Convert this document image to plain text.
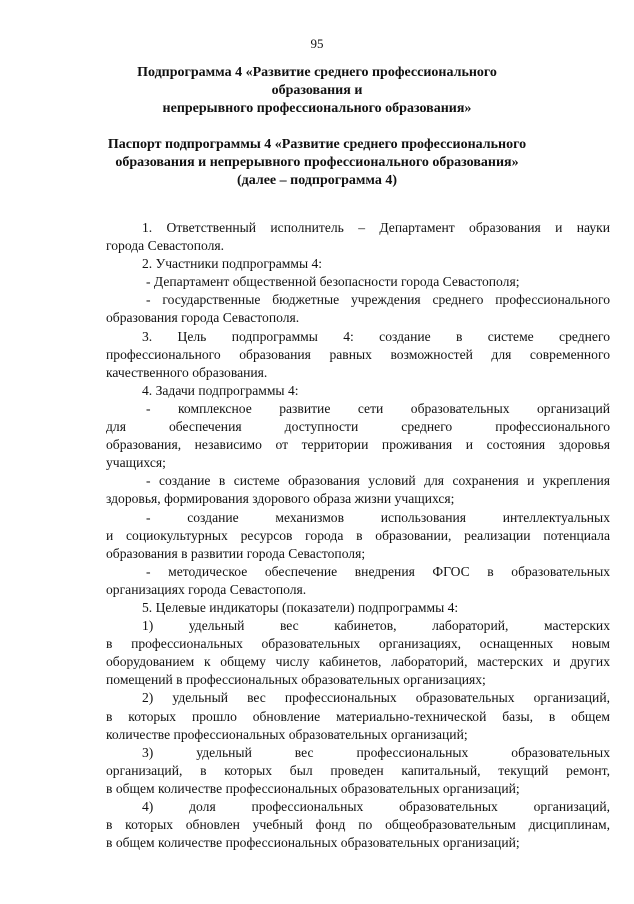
95
Подпрограмма 4 «Развитие среднего профессионального образования и
непрерывного профессионального образования»
Паспорт подпрограммы 4 «Развитие среднего профессионального
образования и непрерывного профессионального образования»
(далее – подпрограмма 4)
1. Ответственный исполнитель – Департамент образования и науки
города Севастополя.
2. Участники подпрограммы 4:
- Департамент общественной безопасности города Севастополя;
- государственные бюджетные учреждения среднего профессионального
образования города Севастополя.
3. Цель подпрограммы 4: создание в системе среднего
профессионального образования равных возможностей для современного
качественного образования.
4. Задачи подпрограммы 4:
- комплексное развитие сети образовательных организаций
для обеспечения доступности среднего профессионального
образования, независимо от территории проживания и состояния здоровья
учащихся;
- создание в системе образования условий для сохранения и укрепления
здоровья, формирования здорового образа жизни учащихся;
- создание механизмов использования интеллектуальных
и социокультурных ресурсов города в образовании, реализации потенциала
образования в развитии города Севастополя;
- методическое обеспечение внедрения ФГОС в образовательных
организациях города Севастополя.
5. Целевые индикаторы (показатели) подпрограммы 4:
1) удельный вес кабинетов, лабораторий, мастерских
в профессиональных образовательных организациях, оснащенных новым
оборудованием к общему числу кабинетов, лабораторий, мастерских и других
помещений в профессиональных образовательных организациях;
2) удельный вес профессиональных образовательных организаций,
в которых прошло обновление материально-технической базы, в общем
количестве профессиональных образовательных организаций;
3) удельный вес профессиональных образовательных
организаций, в которых был проведен капитальный, текущий ремонт,
в общем количестве профессиональных образовательных организаций;
4) доля профессиональных образовательных организаций,
в которых обновлен учебный фонд по общеобразовательным дисциплинам,
в общем количестве профессиональных образовательных организаций;
